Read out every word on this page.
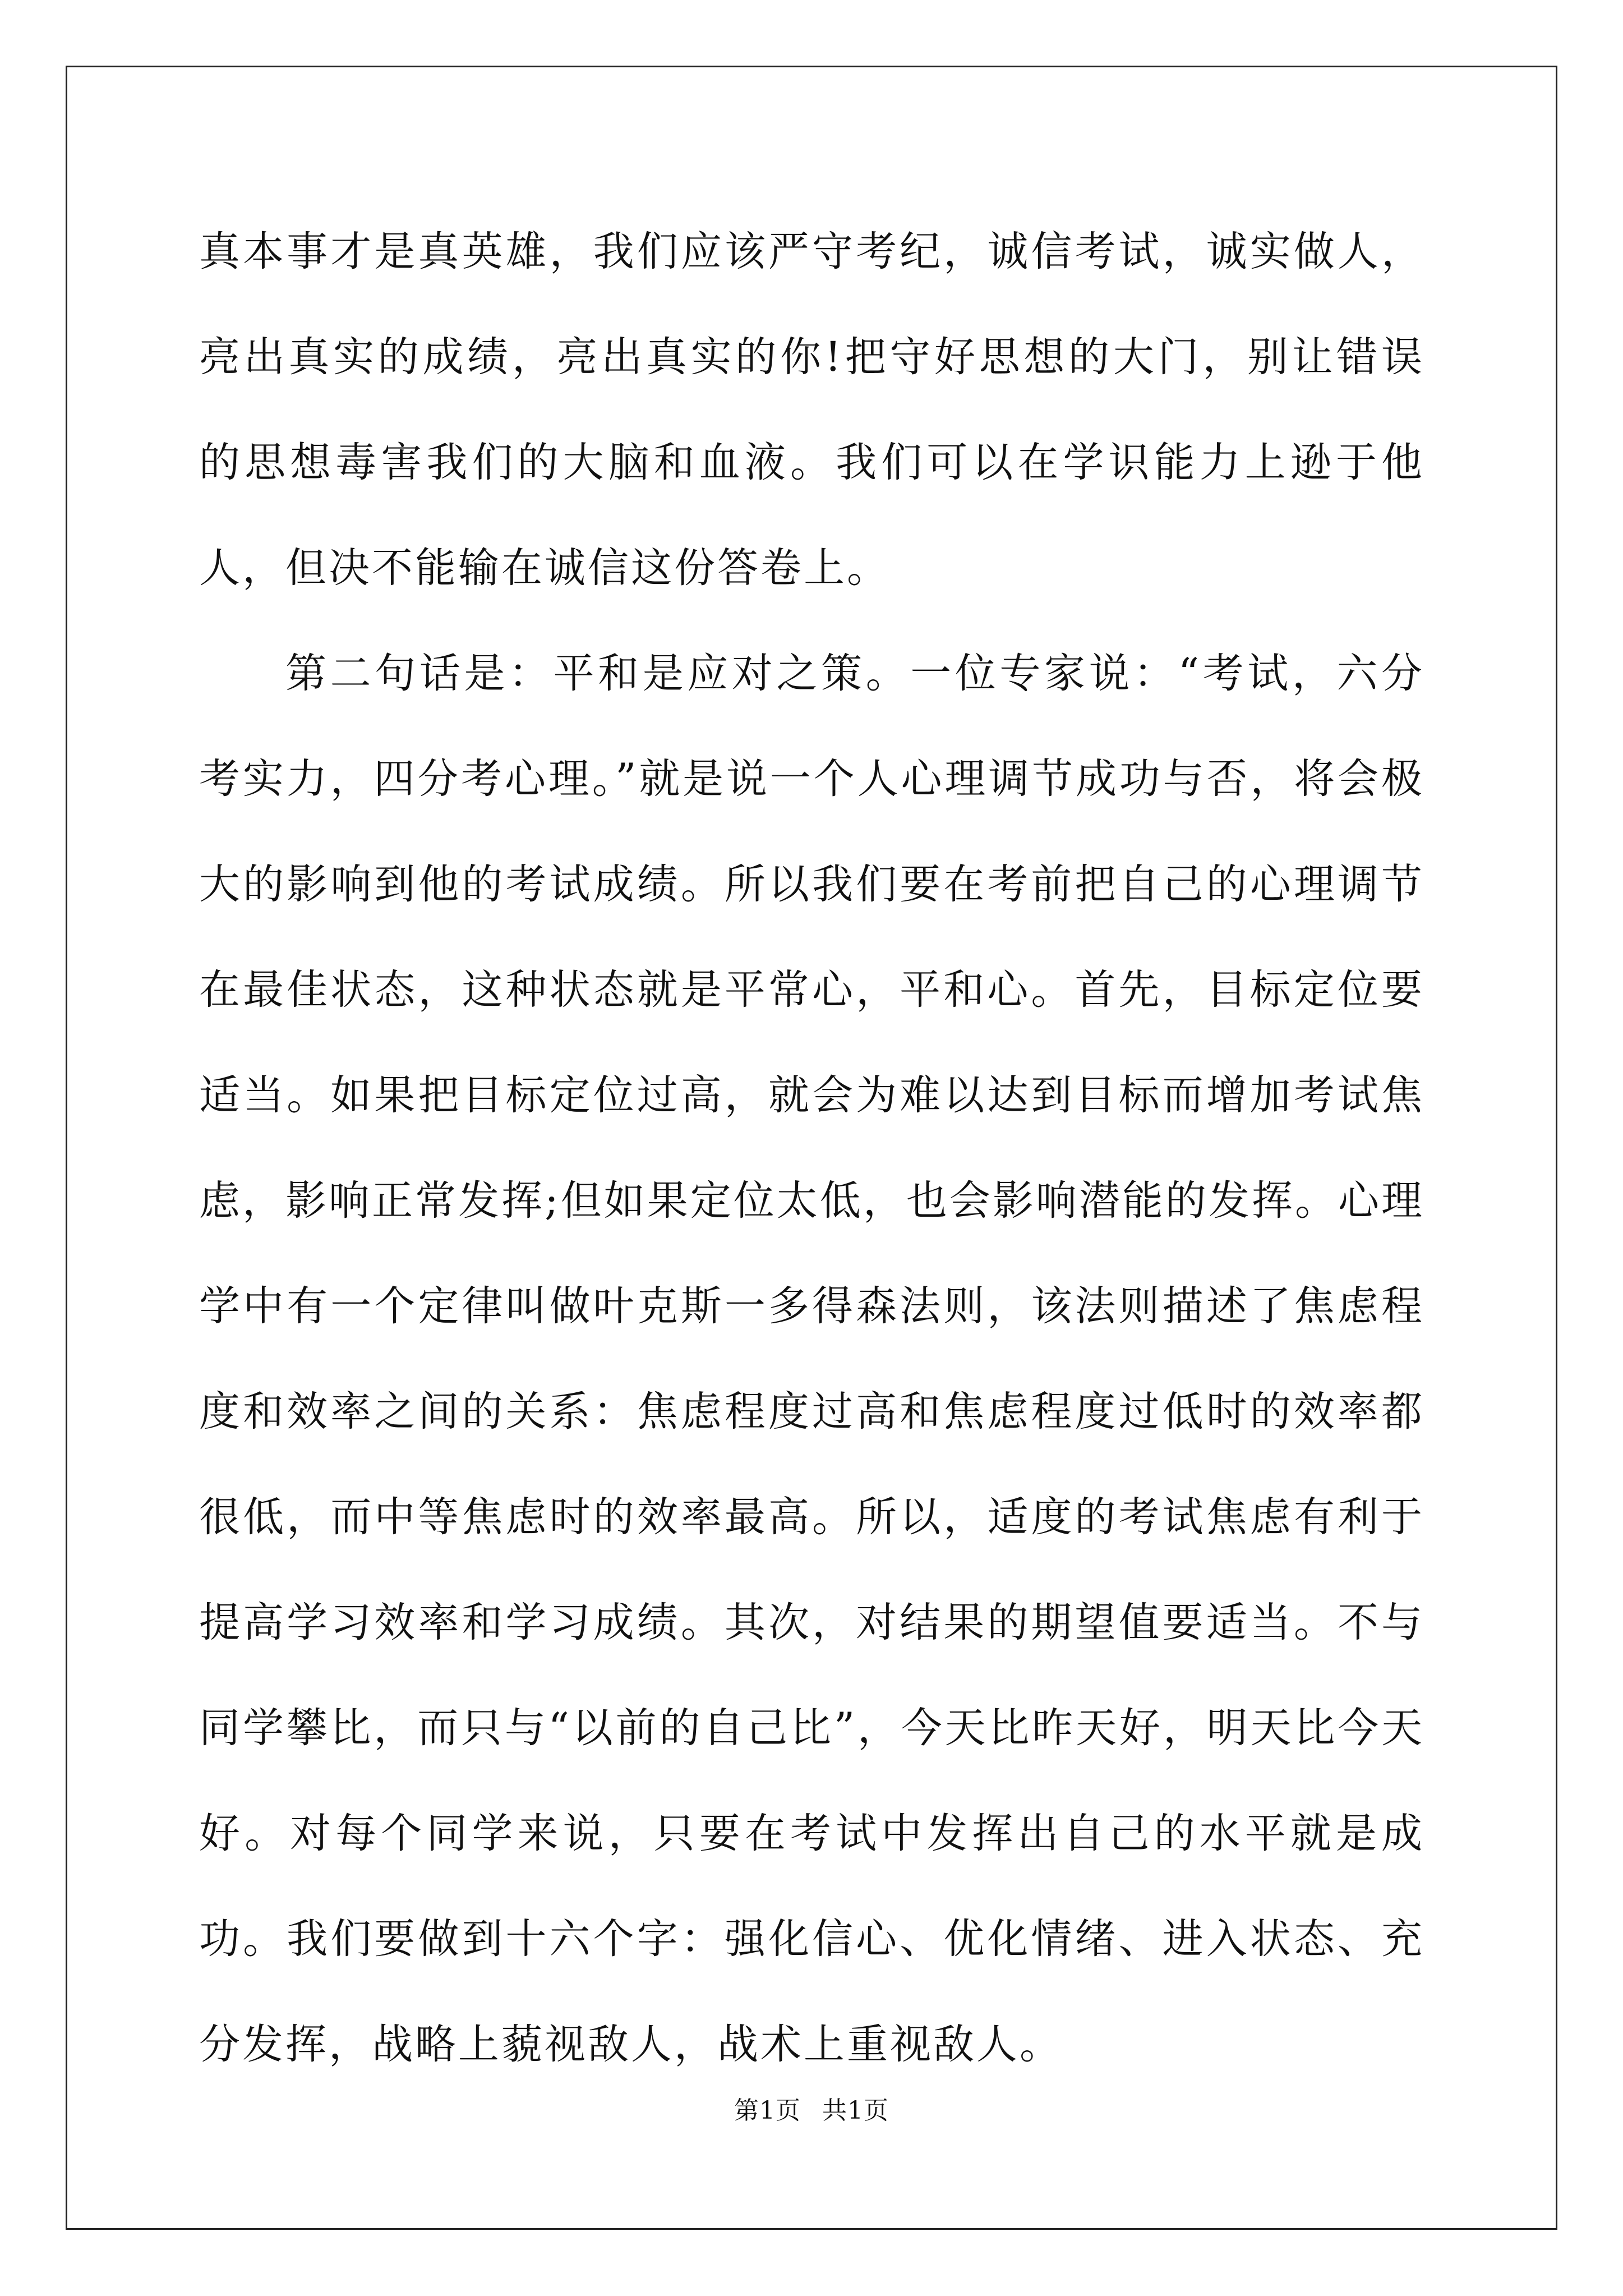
真本事才是真英雄，我们应该严守考纪，诚信考试，诚实做人，亮出真实的成绩，亮出真实的你!把守好思想的大门，别让错误的思想毒害我们的大脑和血液。我们可以在学识能力上逊于他人，但决不能输在诚信这份答卷上。

第二句话是：平和是应对之策。一位专家说：“考试，六分考实力，四分考心理。”就是说一个人心理调节成功与否，将会极大的影响到他的考试成绩。所以我们要在考前把自己的心理调节在最佳状态，这种状态就是平常心，平和心。首先，目标定位要适当。如果把目标定位过高，就会为难以达到目标而增加考试焦虑，影响正常发挥;但如果定位太低，也会影响潜能的发挥。心理学中有一个定律叫做叶克斯一多得森法则，该法则描述了焦虑程度和效率之间的关系：焦虑程度过高和焦虑程度过低时的效率都很低，而中等焦虑时的效率最高。所以，适度的考试焦虑有利于提高学习效率和学习成绩。其次，对结果的期望值要适当。不与同学攀比，而只与“以前的自己比”，今天比昨天好，明天比今天好。对每个同学来说，只要在考试中发挥出自己的水平就是成功。我们要做到十六个字：强化信心、优化情绪、进入状态、充分发挥，战略上藐视敌人，战术上重视敌人。

第1页 共1页
